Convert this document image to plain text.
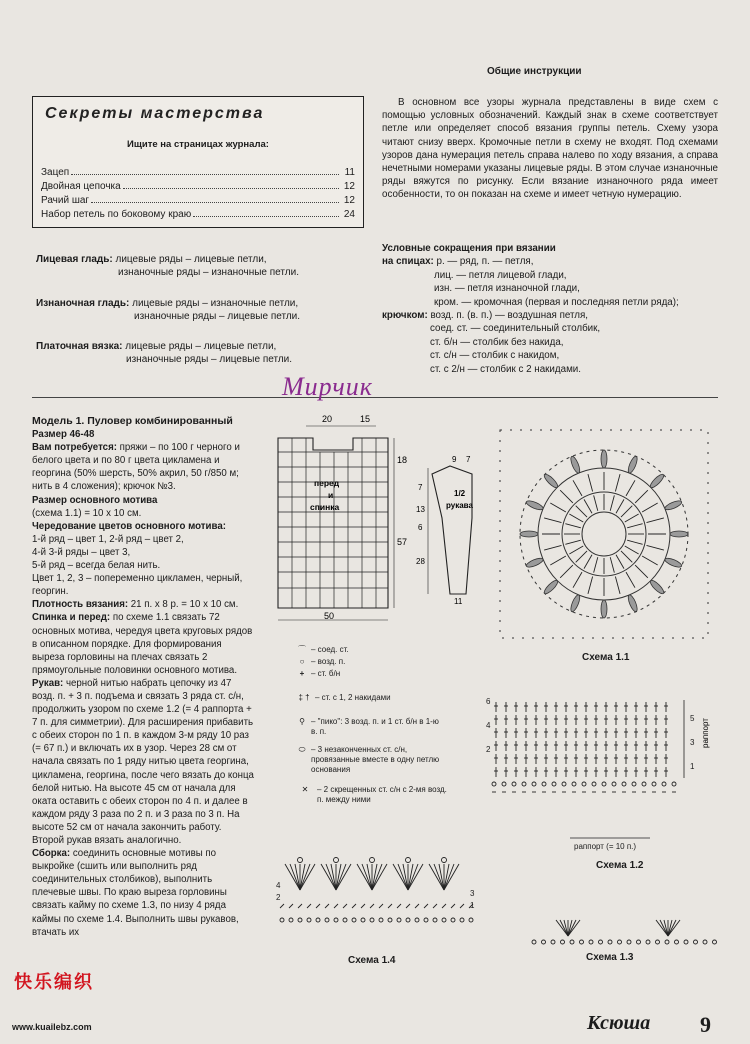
Секреты мастерства
Ищите на страницах журнала:
Зацеп	11
Двойная цепочка	12
Рачий шаг	12
Набор петель по боковому краю	24
Лицевая гладь: лицевые ряды – лицевые петли,
изнаночные ряды – изнаночные петли.
Изнаночная гладь: лицевые ряды – изнаночные петли,
изнаночные ряды – лицевые петли.
Платочная вязка: лицевые ряды – лицевые петли,
изнаночные ряды – лицевые петли.
Общие инструкции
В основном все узоры журнала представлены в виде схем с помощью условных обозначений. Каждый знак в схеме соответствует петле или определяет способ вязания группы петель. Схему узора читают снизу вверх. Кромочные петли в схему не входят. Под схемами узоров дана нумерация петель справа налево по ходу вязания, а справа нечетными номерами указаны лицевые ряды. В этом случае изнаночные ряды вяжутся по рисунку. Если вязание изнаночного ряда имеет особенности, то он показан на схеме и имеет четную нумерацию.
Условные сокращения при вязании
на спицах: р. — ряд, п. — петля,
лиц. — петля лицевой глади,
изн. — петля изнаночной глади,
кром. — кромочная (первая и последняя петли ряда);
крючком: возд. п. (в. п.) — воздушная петля,
соед. ст. — соединительный столбик,
ст. б/н — столбик без накида,
ст. с/н — столбик с накидом,
ст. с 2/н — столбик с 2 накидами.
Мирчик
Модель 1. Пуловер комбинированный
Размер 46-48
Вам потребуется: пряжи – по 100 г черного и белого цвета и по 80 г цвета цикламена и георгина (50% шерсть, 50% акрил, 50 г/850 м; нить в 4 сложения); крючок №3.
Размер основного мотива
(схема 1.1) = 10 x 10 см.
Чередование цветов основного мотива:
1-й ряд – цвет 1, 2-й ряд – цвет 2,
4-й 3-й ряды – цвет 3,
5-й ряд – всегда белая нить.
Цвет 1, 2, 3 – попеременно цикламен, черный, георгин.
Плотность вязания: 21 п. x 8 р. = 10 x 10 см.
Спинка и перед: по схеме 1.1 связать 72 основных мотива, чередуя цвета круговых рядов в описанном порядке. Для формирования выреза горловины на плечах связать 2 прямоугольные половинки основного мотива.
Рукав: черной нитью набрать цепочку из 47 возд. п. + 3 п. подъема и связать 3 ряда ст. с/н, продолжить узором по схеме 1.2 (= 4 раппорта + 7 п. для симметрии). Для расширения прибавить с обеих сторон по 1 п. в каждом 3-м ряду 10 раз (= 67 п.) и включать их в узор. Через 28 см от начала связать по 1 ряду нитью цвета георгина, цикламена, георгина, после чего вязать до конца белой нитью. На высоте 45 см от начала для оката оставить с обеих сторон по 4 п. и далее в каждом ряду 3 раза по 2 п. и 3 раза по 3 п. На высоте 52 см от начала закончить работу. Второй рукав вязать аналогично.
Сборка: соединить основные мотивы по выкройке (сшить или выполнить ряд соединительных столбиков), выполнить плечевые швы. По краю выреза горловины связать кайму по схеме 1.3, по низу 4 ряда каймы по схеме 1.4. Выполнить швы рукавов, втачать их
20	15
18
57
50
перед
и
спинка
9 7
7
13
6
28
11
1/2
рукава
⌒ – соед. ст.
○ – возд. п.
+ – ст. б/н
‡ † – ст. с 1, 2 накидами
⚲ – "пико": 3 возд. п. и 1 ст. б/н в 1-ю в. п.
⬭ – 3 незаконченных ст. с/н, провязанные вместе в одну петлю основания
✕	– 2 скрещенных ст. с/н с 2-мя возд. п. между ними
Схема 1.1
раппорт
6
4
2
5
3
1
раппорт (= 10 п.)
Схема 1.2
4
2	3
1
Схема 1.4	Схема 1.3
Ксюша 9
快乐编织
www.kuailebz.com
